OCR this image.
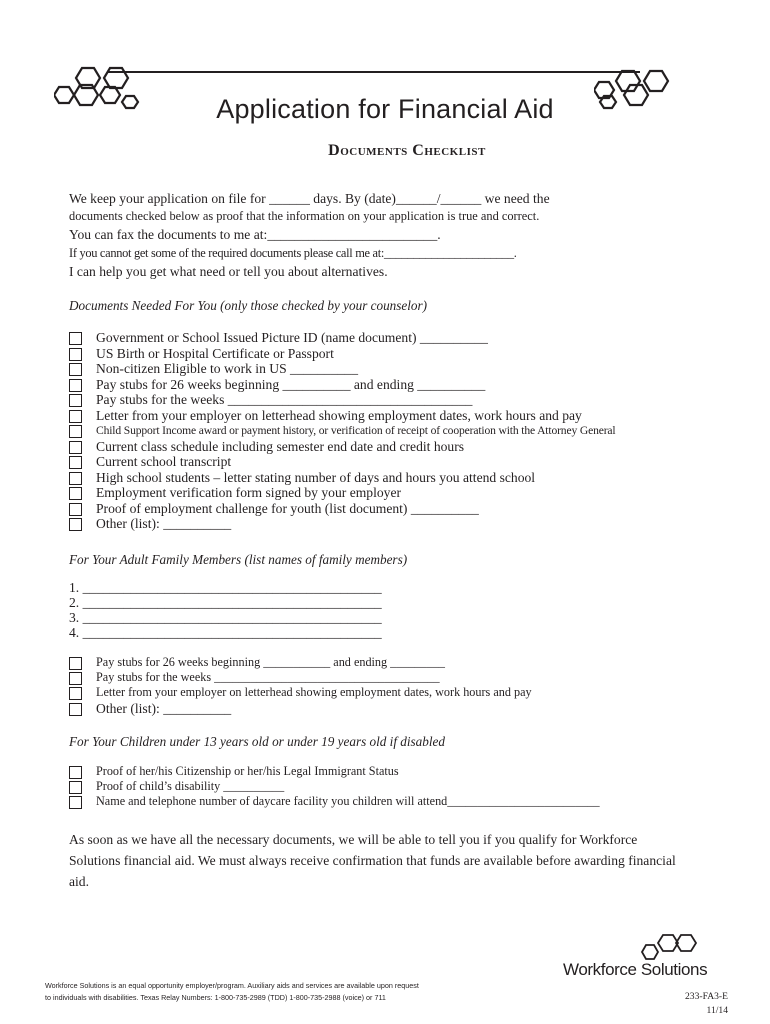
Application for Financial Aid
Documents Checklist
We keep your application on file for ______ days. By (date)______/______ we need the
documents checked below as proof that the information on your application is true and correct.
You can fax the documents to me at:_________________________.
If you cannot get some of the required documents please call me at:______________________.
I can help you get what need or tell you about alternatives.
Documents Needed For You (only those checked by your counselor)
Government or School Issued Picture ID (name document) __________
US Birth or Hospital Certificate or Passport
Non-citizen Eligible to work in US __________
Pay stubs for 26 weeks beginning __________ and ending __________
Pay stubs for the weeks ____________________________________
Letter from your employer on letterhead showing employment dates, work hours and pay
Child Support Income award or payment history, or verification of receipt of cooperation with the Attorney General
Current class schedule including semester end date and credit hours
Current school transcript
High school students – letter stating number of days and hours you attend school
Employment verification form signed by your employer
Proof of employment challenge for youth (list document) __________
Other (list): __________
For Your Adult Family Members (list names of family members)
1. ____________________________________________
2. ____________________________________________
3. ____________________________________________
4. ____________________________________________
Pay stubs for 26 weeks beginning ___________ and ending _________
Pay stubs for the weeks _____________________________________
Letter from your employer on letterhead showing employment dates, work hours and pay
Other (list): __________
For Your Children under 13 years old or under 19 years old if disabled
Proof of her/his Citizenship or her/his Legal Immigrant Status
Proof of child’s disability __________
Name and telephone number of daycare facility you children will attend_________________________
As soon as we have all the necessary documents, we will be able to tell you if you qualify for Workforce Solutions financial aid. We must always receive confirmation that funds are available before awarding financial aid.
Workforce Solutions is an equal opportunity employer/program. Auxiliary aids and services are available upon request
to individuals with disabilities. Texas Relay Numbers: 1-800-735-2989 (TDD) 1-800-735-2988 (voice) or 711
Workforce Solutions
233-FA3-E
11/14
